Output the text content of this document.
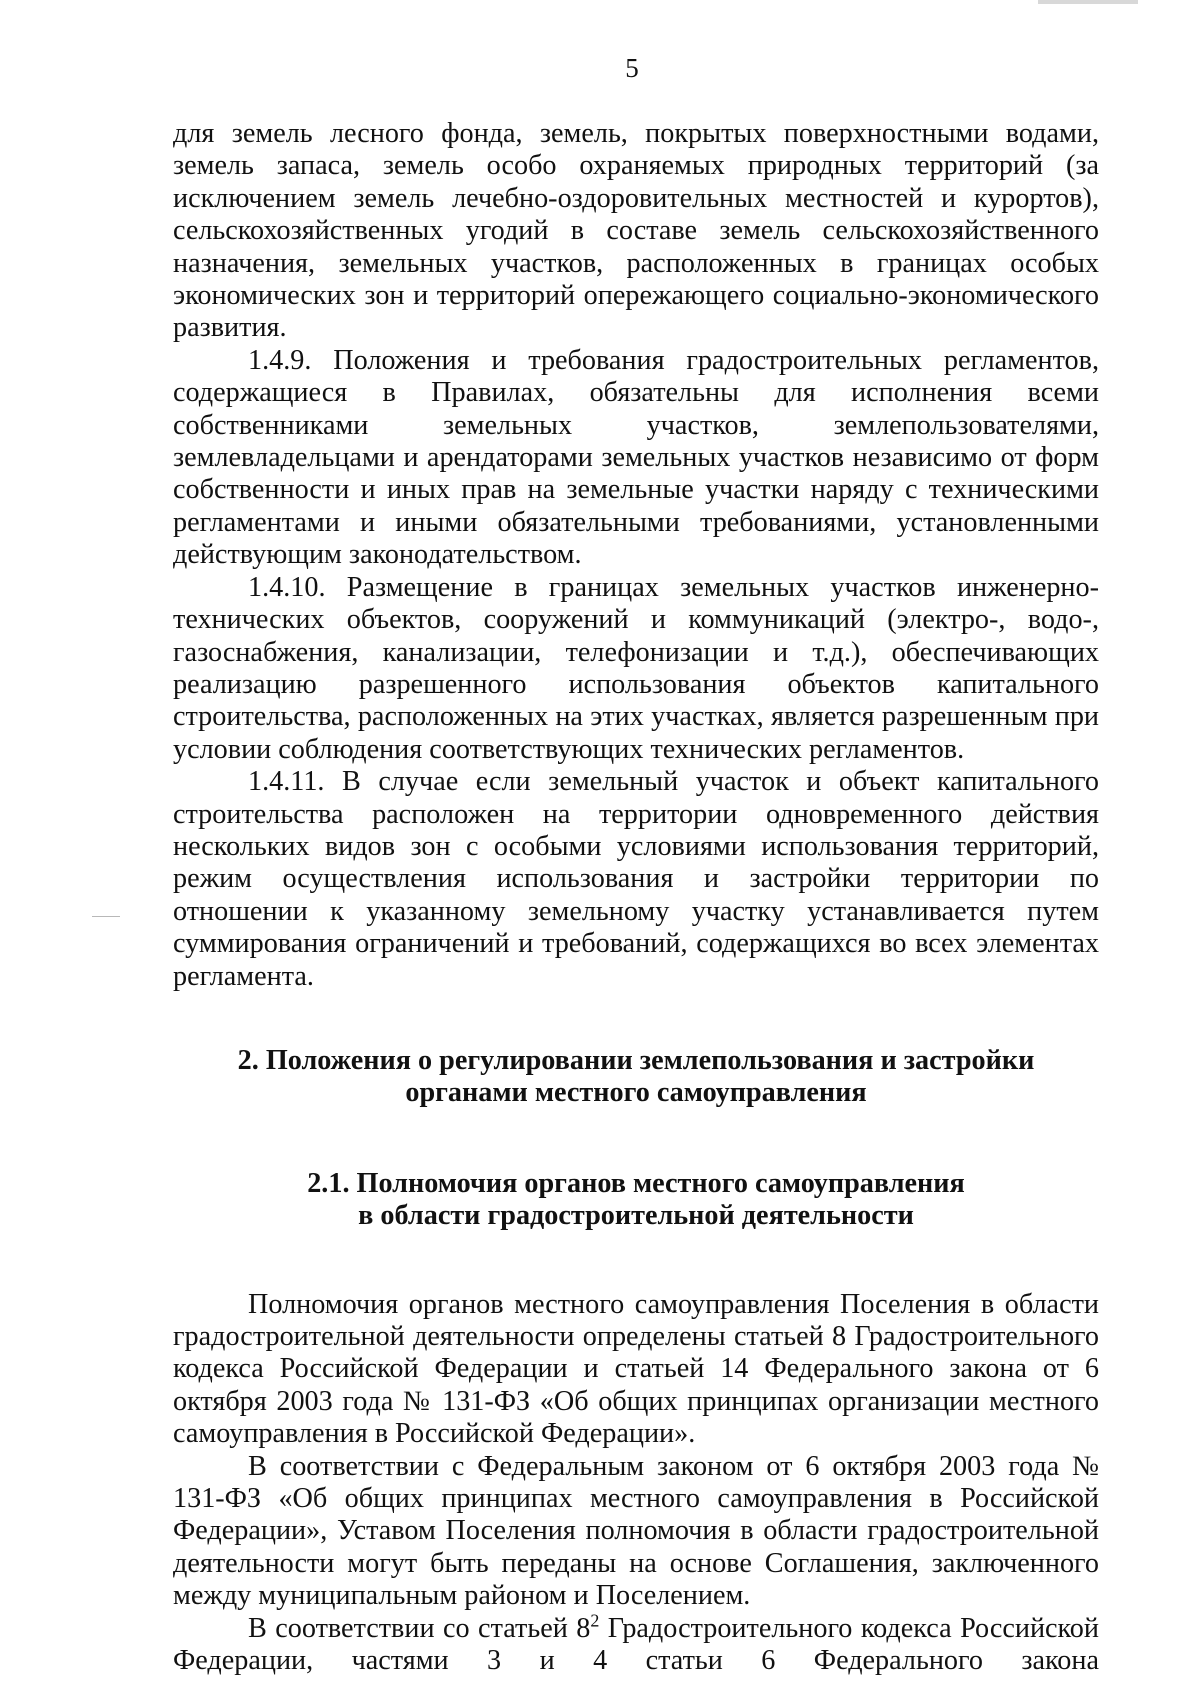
5

для земель лесного фонда, земель, покрытых поверхностными водами, земель запаса, земель особо охраняемых природных территорий (за исключением земель лечебно-оздоровительных местностей и курортов), сельскохозяйственных угодий в составе земель сельскохозяйственного назначения, земельных участков, расположенных в границах особых экономических зон и территорий опережающего социально-экономического развития.

1.4.9. Положения и требования градостроительных регламентов, содержащиеся в Правилах, обязательны для исполнения всеми собственниками земельных участков, землепользователями, землевладельцами и арендаторами земельных участков независимо от форм собственности и иных прав на земельные участки наряду с техническими регламентами и иными обязательными требованиями, установленными действующим законодательством.

1.4.10. Размещение в границах земельных участков инженерно-технических объектов, сооружений и коммуникаций (электро-, водо-, газоснабжения, канализации, телефонизации и т.д.), обеспечивающих реализацию разрешенного использования объектов капитального строительства, расположенных на этих участках, является разрешенным при условии соблюдения соответствующих технических регламентов.

1.4.11. В случае если земельный участок и объект капитального строительства расположен на территории одновременного действия нескольких видов зон с особыми условиями использования территорий, режим осуществления использования и застройки территории по отношении к указанному земельному участку устанавливается путем суммирования ограничений и требований, содержащихся во всех элементах регламента.

2. Положения о регулировании землепользования и застройки
органами местного самоуправления
2.1. Полномочия органов местного самоуправления
в области градостроительной деятельности

Полномочия органов местного самоуправления Поселения в области градостроительной деятельности определены статьей 8 Градостроительного кодекса Российской Федерации и статьей 14 Федерального закона от 6 октября 2003 года № 131-ФЗ «Об общих принципах организации местного самоуправления в Российской Федерации».

В соответствии с Федеральным законом от 6 октября 2003 года № 131-ФЗ «Об общих принципах местного самоуправления в Российской Федерации», Уставом Поселения полномочия в области градостроительной деятельности могут быть переданы на основе Соглашения, заключенного между муниципальным районом и Поселением.

В соответствии со статьей $8^2$ Градостроительного кодекса Российской Федерации, частями 3 и 4 статьи 6 Федерального закона
